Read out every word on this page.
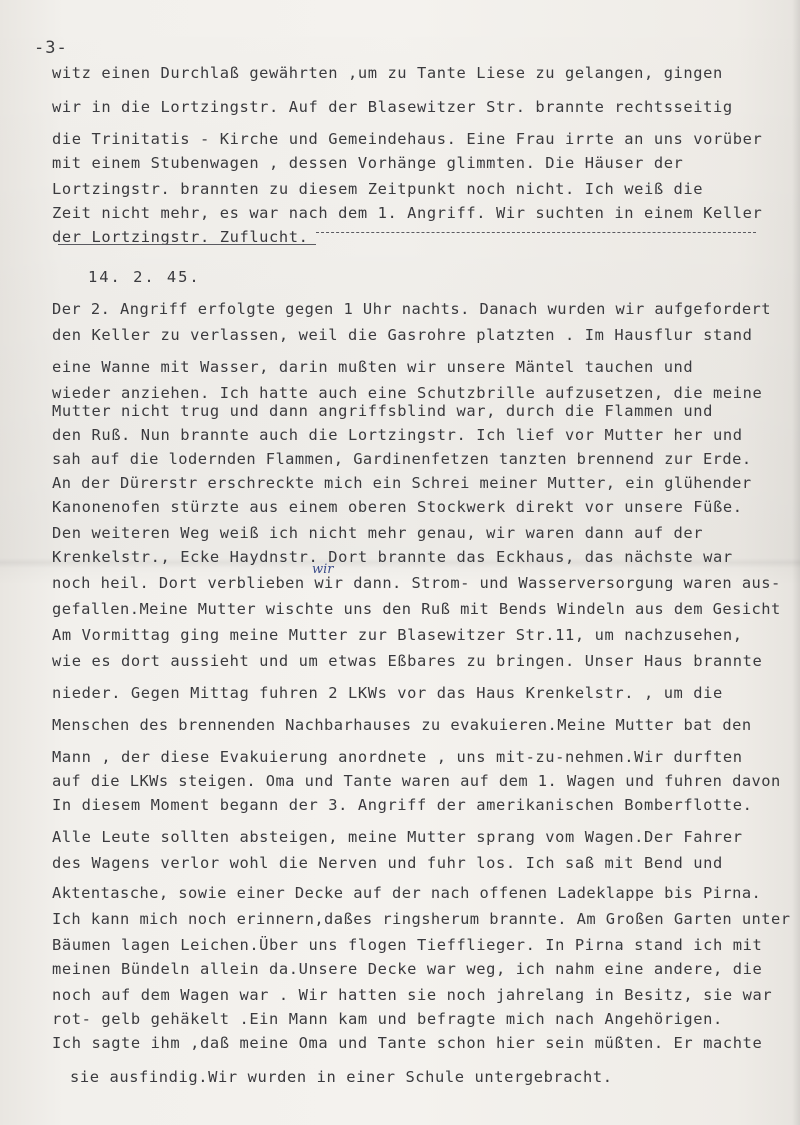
-3-
witz einen Durchlaß gewährten ,um zu Tante Liese zu gelangen, gingen
wir in die Lortzingstr. Auf der Blasewitzer Str. brannte rechtsseitig
die Trinitatis - Kirche und Gemeindehaus. Eine Frau irrte an uns vorüber
mit einem Stubenwagen , dessen Vorhänge glimmten. Die Häuser der
Lortzingstr. brannten zu diesem Zeitpunkt noch nicht. Ich weiß die
Zeit nicht mehr, es war nach dem 1. Angriff. Wir suchten in einem Keller
der Lortzingstr. Zuflucht.
14. 2. 45.
Der 2. Angriff erfolgte gegen 1 Uhr nachts. Danach wurden wir aufgefordert
den Keller zu verlassen, weil die Gasrohre platzten . Im Hausflur stand
eine Wanne mit Wasser, darin mußten wir unsere Mäntel tauchen und
wieder anziehen. Ich hatte auch eine Schutzbrille aufzusetzen, die meine
Mutter nicht trug und dann angriffsblind war, durch die Flammen und
den Ruß. Nun brannte auch die Lortzingstr. Ich lief vor Mutter her und
sah auf die lodernden Flammen, Gardinenfetzen tanzten brennend zur Erde.
An der Dürerstr erschreckte mich ein Schrei meiner Mutter, ein glühender
Kanonenofen stürzte aus einem oberen Stockwerk direkt vor unsere Füße.
Den weiteren Weg weiß ich nicht mehr genau, wir waren dann auf der
Krenkelstr., Ecke Haydnstr. Dort brannte das Eckhaus, das nächste war
noch heil. Dort verblieben wir dann. Strom- und Wasserversorgung waren aus-
gefallen.Meine Mutter wischte uns den Ruß mit Bends Windeln aus dem Gesicht
Am Vormittag ging meine Mutter zur Blasewitzer Str.11, um nachzusehen,
wie es dort aussieht und um etwas Eßbares zu bringen. Unser Haus brannte
nieder. Gegen Mittag fuhren 2 LKWs vor das Haus Krenkelstr. , um die
Menschen des brennenden Nachbarhauses zu evakuieren.Meine Mutter bat den
Mann , der diese Evakuierung anordnete , uns mit-zu-nehmen.Wir durften
auf die LKWs steigen. Oma und Tante waren auf dem 1. Wagen und fuhren davon
In diesem Moment begann der 3. Angriff der amerikanischen Bomberflotte.
Alle Leute sollten absteigen, meine Mutter sprang vom Wagen.Der Fahrer
des Wagens verlor wohl die Nerven und fuhr los. Ich saß mit Bend und
Aktentasche, sowie einer Decke auf der nach offenen Ladeklappe bis Pirna.
Ich kann mich noch erinnern,daßes ringsherum brannte. Am Großen Garten unter
Bäumen lagen Leichen.Über uns flogen Tiefflieger. In Pirna stand ich mit
meinen Bündeln allein da.Unsere Decke war weg, ich nahm eine andere, die
noch auf dem Wagen war . Wir hatten sie noch jahrelang in Besitz, sie war
rot- gelb gehäkelt .Ein Mann kam und befragte mich nach Angehörigen.
Ich sagte ihm ,daß meine Oma und Tante schon hier sein müßten. Er machte
sie ausfindig.Wir wurden in einer Schule untergebracht.
wir
